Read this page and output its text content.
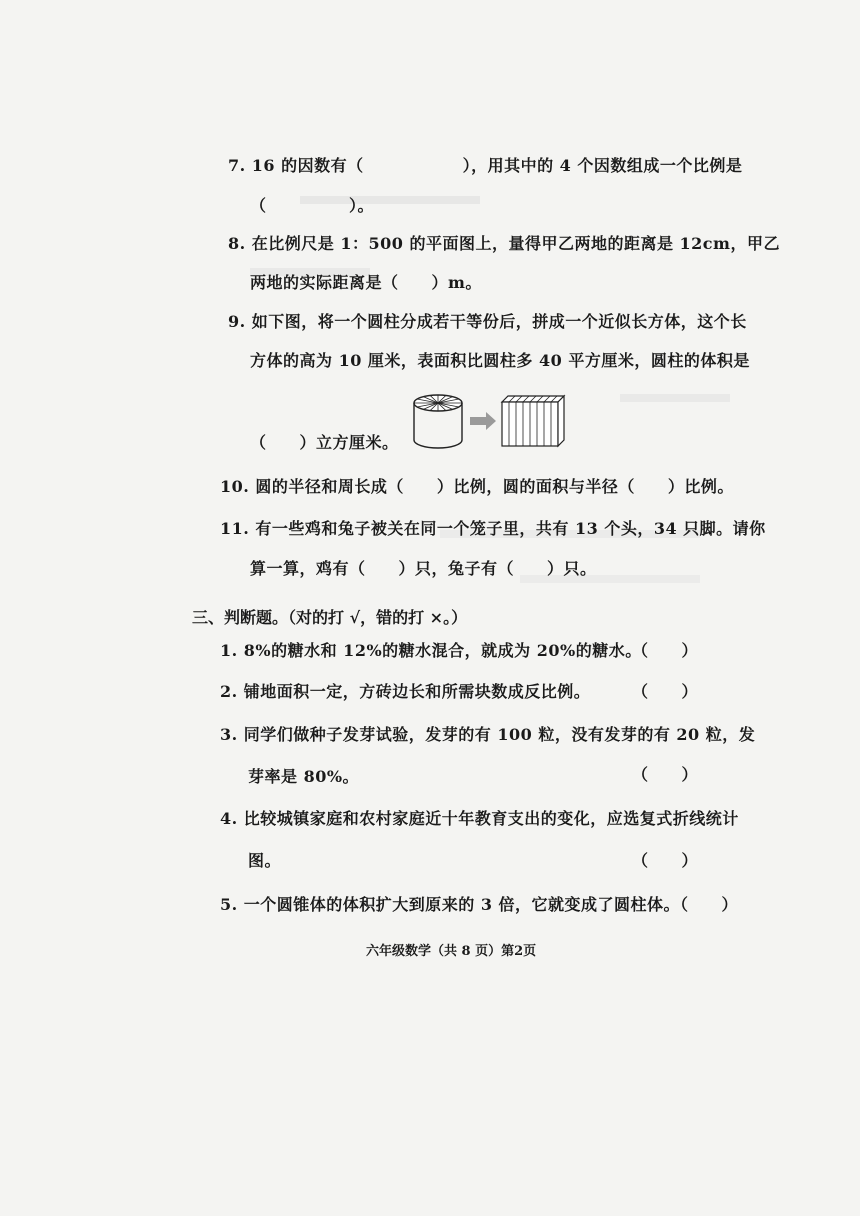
7. 16 的因数有（　　　　　　），用其中的 4 个因数组成一个比例是
（　　　　　）。
8. 在比例尺是 1：500 的平面图上，量得甲乙两地的距离是 12cm，甲乙
两地的实际距离是（　　）m。
9. 如下图，将一个圆柱分成若干等份后，拼成一个近似长方体，这个长
方体的高为 10 厘米，表面积比圆柱多 40 平方厘米，圆柱的体积是
（　　）立方厘米。
10. 圆的半径和周长成（　　）比例，圆的面积与半径（　　）比例。
11. 有一些鸡和兔子被关在同一个笼子里，共有 13 个头，34 只脚。请你
算一算，鸡有（　　）只，兔子有（　　）只。
三、判断题。（对的打 √，错的打 ×。）
1. 8%的糖水和 12%的糖水混合，就成为 20%的糖水。
（　　）
2. 铺地面积一定，方砖边长和所需块数成反比例。	（　　）
3. 同学们做种子发芽试验，发芽的有 100 粒，没有发芽的有 20 粒，发
芽率是 80%。	（　　）
4. 比较城镇家庭和农村家庭近十年教育支出的变化，应选复式折线统计
图。	（　　）
5. 一个圆锥体的体积扩大到原来的 3 倍，它就变成了圆柱体。（　　）
六年级数学（共 8 页）第2页
